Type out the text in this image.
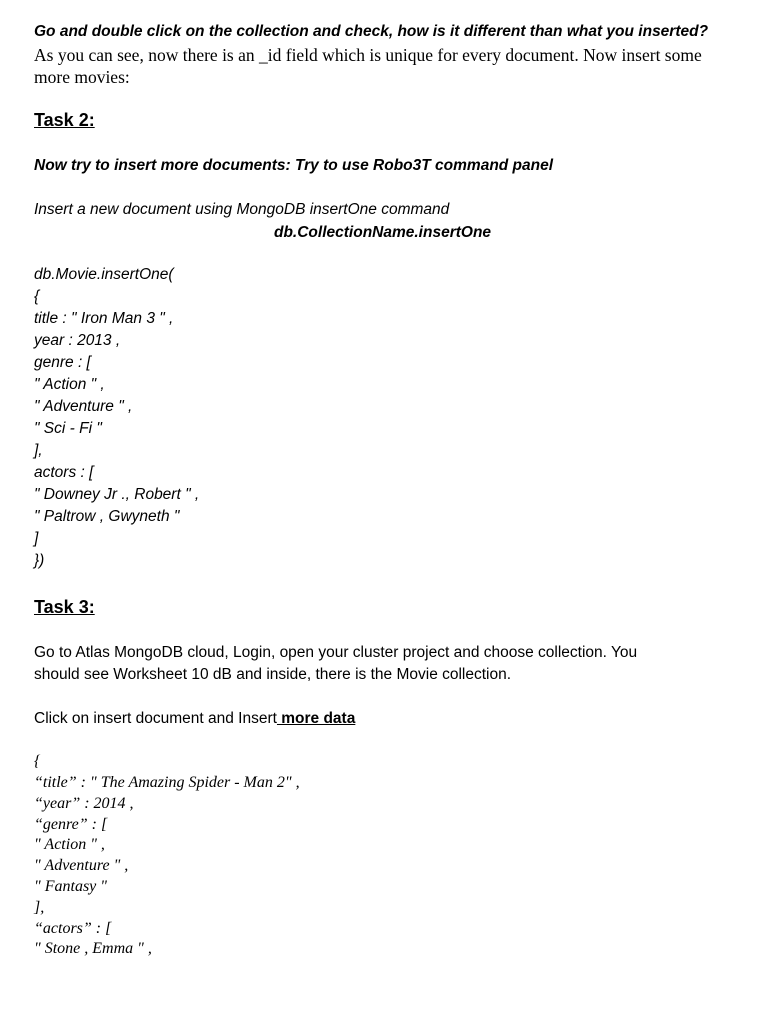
Go and double click on the collection and check, how is it different than what you inserted?
As you can see, now there is an _id field which is unique for every document. Now insert some
more movies:
Task 2:
Now try to insert more documents: Try to use Robo3T command panel
Insert a new document using MongoDB insertOne command
db.CollectionName.insertOne
db.Movie.insertOne(
{
title : " Iron Man 3 " ,
year : 2013 ,
genre : [
" Action " ,
" Adventure " ,
" Sci - Fi "
],
actors : [
" Downey Jr ., Robert " ,
" Paltrow , Gwyneth "
]
})
Task 3:
Go to Atlas MongoDB cloud, Login, open your cluster project and choose collection. You
should see Worksheet 10 dB and inside, there is the Movie collection.
Click on insert document and Insert more data
{
“title” : " The Amazing Spider - Man 2" ,
“year” : 2014 ,
“genre” : [
" Action " ,
" Adventure " ,
" Fantasy "
],
“actors” : [
" Stone , Emma " ,
